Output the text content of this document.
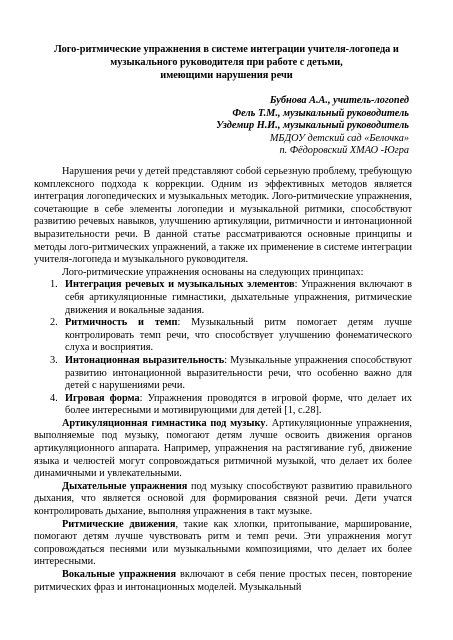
Лого-ритмические упражнения в системе интеграции учителя-логопеда и
музыкального руководителя при работе с детьми,
имеющими нарушения речи
Бубнова А.А., учитель-логопед
Фель Т.М., музыкальный руководитель
Уздемир Н.И., музыкальный руководитель
МБДОУ детский сад «Белочка»
п. Фёдоровский ХМАО -Югра

Нарушения речи у детей представляют собой серьезную проблему, требующую комплексного подхода к коррекции. Одним из эффективных методов является интеграция логопедических и музыкальных методик. Лого-ритмические упражнения, сочетающие в себе элементы логопедии и музыкальной ритмики, способствуют развитию речевых навыков, улучшению артикуляции, ритмичности и интонационной выразительности речи. В данной статье рассматриваются основные принципы и методы лого-ритмических упражнений, а также их применение в системе интеграции учителя-логопеда и музыкального руководителя.

Лого-ритмические упражнения основаны на следующих принципах:

1. Интеграция речевых и музыкальных элементов: Упражнения включают в себя артикуляционные гимнастики, дыхательные упражнения, ритмические движения и вокальные задания.
2. Ритмичность и темп: Музыкальный ритм помогает детям лучше контролировать темп речи, что способствует улучшению фонематического слуха и восприятия.
3. Интонационная выразительность: Музыкальные упражнения способствуют развитию интонационной выразительности речи, что особенно важно для детей с нарушениями речи.
4. Игровая форма: Упражнения проводятся в игровой форме, что делает их более интересными и мотивирующими для детей [1, с.28].

Артикуляционная гимнастика под музыку. Артикуляционные упражнения, выполняемые под музыку, помогают детям лучше освоить движения органов артикуляционного аппарата. Например, упражнения на растягивание губ, движение языка и челюстей могут сопровождаться ритмичной музыкой, что делает их более динамичными и увлекательными.

Дыхательные упражнения под музыку способствуют развитию правильного дыхания, что является основой для формирования связной речи. Дети учатся контролировать дыхание, выполняя упражнения в такт музыке.

Ритмические движения, такие как хлопки, притопывание, марширование, помогают детям лучше чувствовать ритм и темп речи. Эти упражнения могут сопровождаться песнями или музыкальными композициями, что делает их более интересными.

Вокальные упражнения включают в себя пение простых песен, повторение ритмических фраз и интонационных моделей. Музыкальный
